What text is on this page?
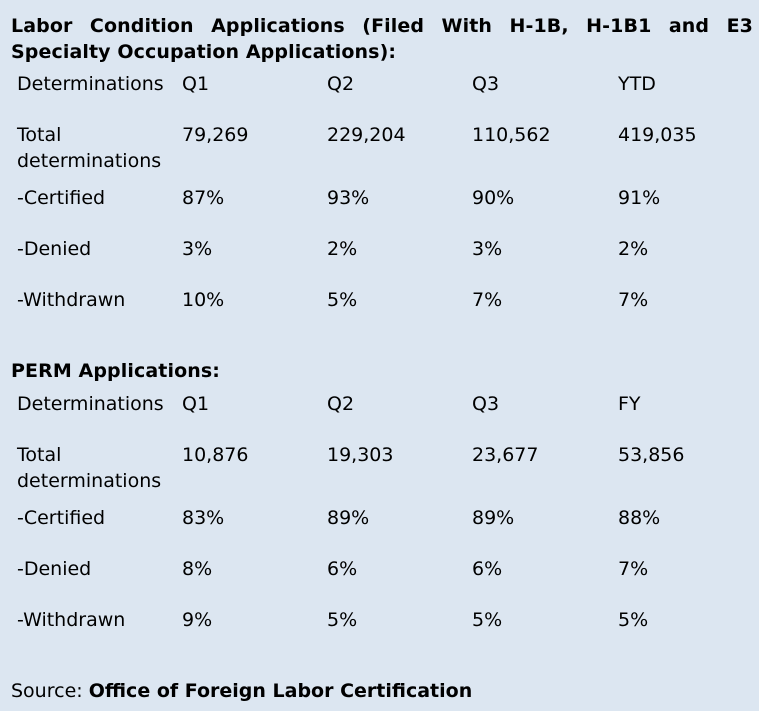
Labor Condition Applications (Filed With H-1B, H-1B1 and E3
Specialty Occupation Applications):
Determinations Q1	Q2	Q3	YTD
Total
determinations
79,269	229,204	110,562	419,035
-Certified	87%	93%	90%	91%
-Denied	3%	2%	3%	2%
-Withdrawn	10%	5%	7%	7%
PERM Applications:
Determinations Q1	Q2	Q3	FY
Total
determinations
10,876	19,303	23,677	53,856
-Certified	83%	89%	89%	88%
-Denied	8%	6%	6%	7%
-Withdrawn	9%	5%	5%	5%
Source: Office of Foreign Labor Certification
